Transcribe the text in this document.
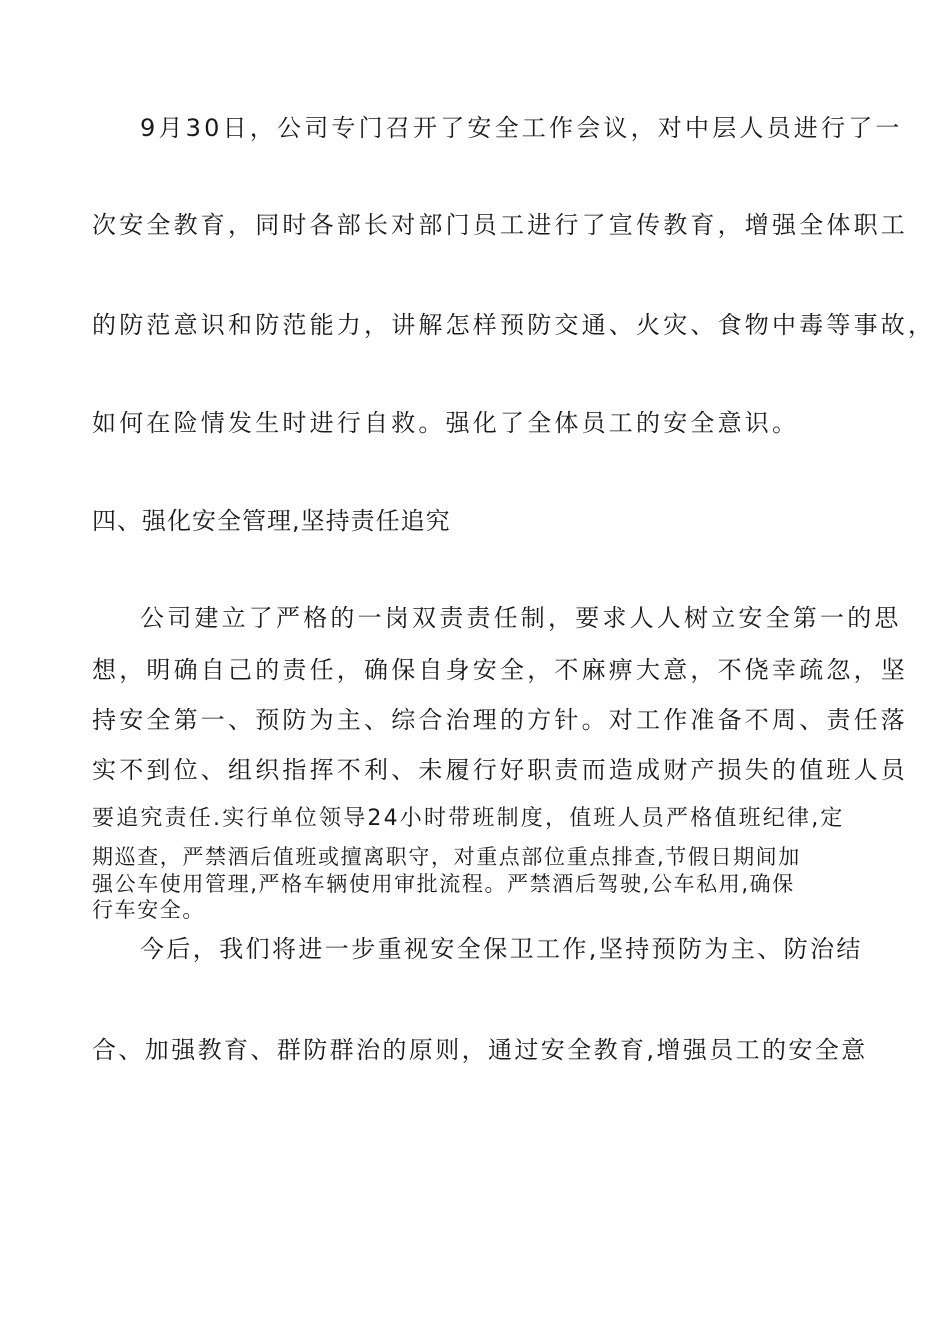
9月30日，公司专门召开了安全工作会议，对中层人员进行了一
次安全教育，同时各部长对部门员工进行了宣传教育，增强全体职工
的防范意识和防范能力，讲解怎样预防交通、火灾、食物中毒等事故，
如何在险情发生时进行自救。强化了全体员工的安全意识。
四、强化安全管理,坚持责任追究
公司建立了严格的一岗双责责任制，要求人人树立安全第一的思
想，明确自己的责任，确保自身安全，不麻痹大意，不侥幸疏忽，坚
持安全第一、预防为主、综合治理的方针。对工作准备不周、责任落
实不到位、组织指挥不利、未履行好职责而造成财产损失的值班人员
要追究责任.实行单位领导24小时带班制度，值班人员严格值班纪律,定
期巡查，严禁酒后值班或擅离职守，对重点部位重点排查,节假日期间加
强公车使用管理,严格车辆使用审批流程。严禁酒后驾驶,公车私用,确保
行车安全。
今后，我们将进一步重视安全保卫工作,坚持预防为主、防治结
合、加强教育、群防群治的原则，通过安全教育,增强员工的安全意
